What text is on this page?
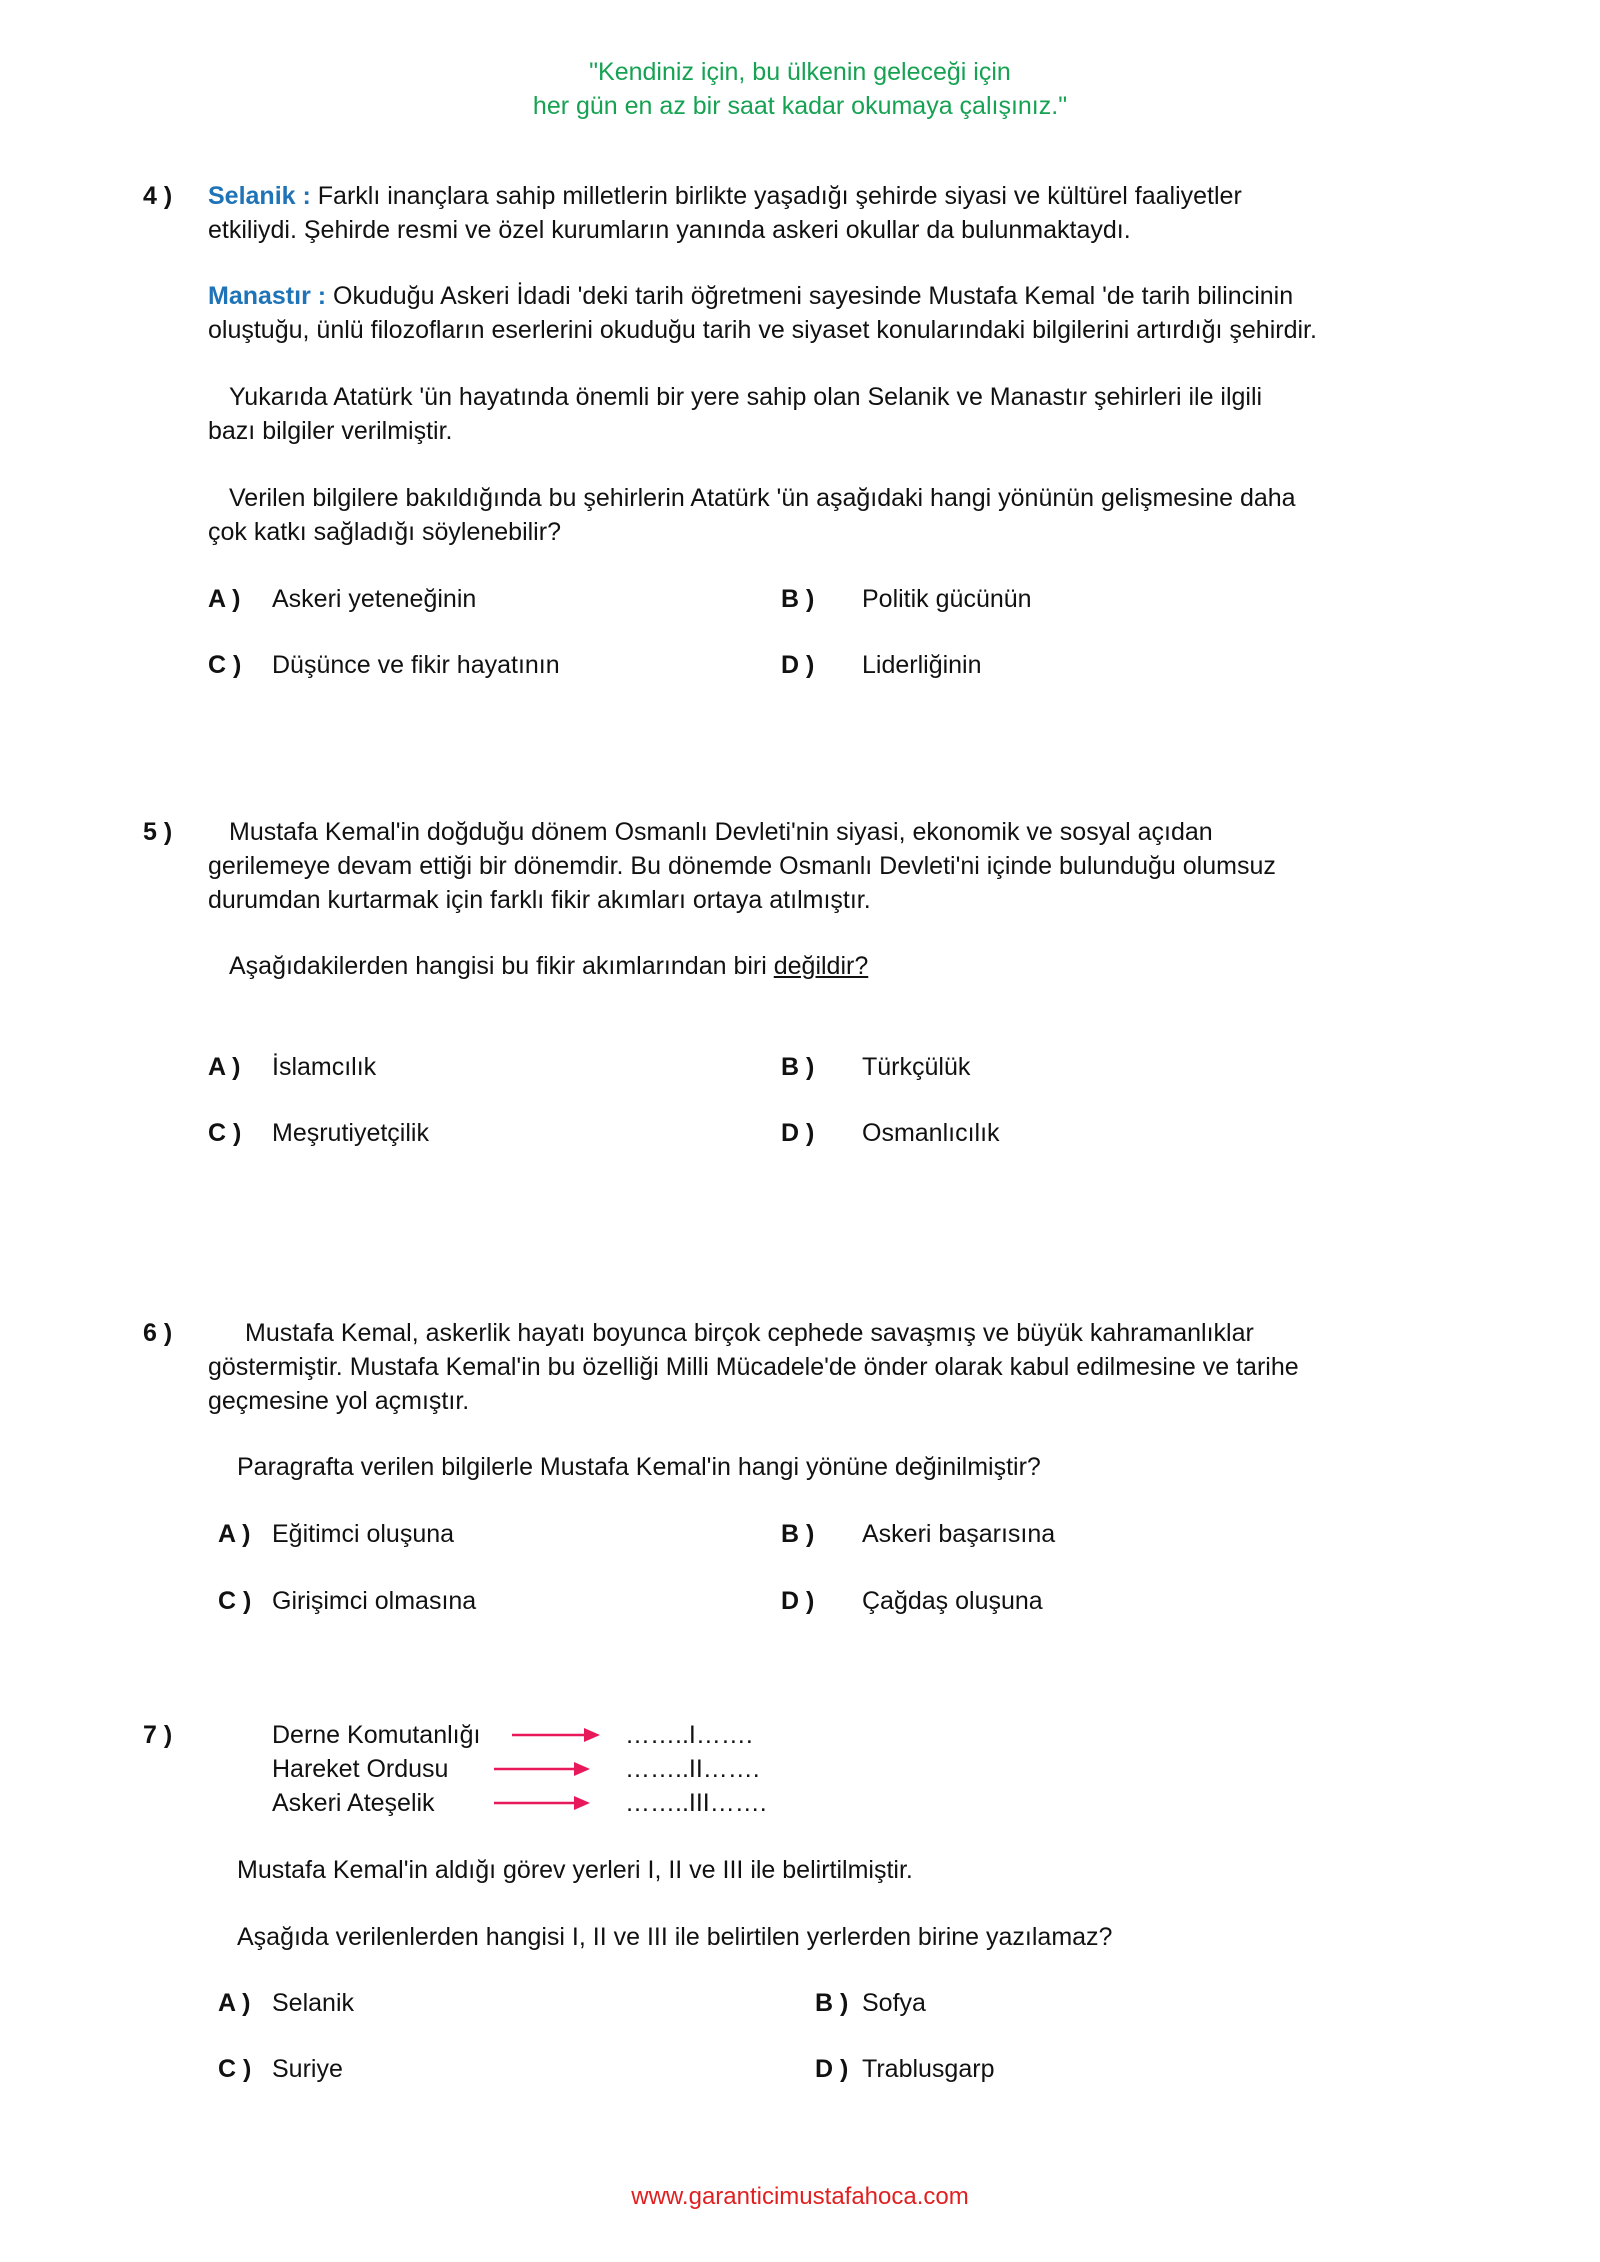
"Kendiniz için, bu ülkenin geleceği için
her gün en az bir saat kadar okumaya çalışınız."
4 ) Selanik : Farklı inançlara sahip milletlerin birlikte yaşadığı şehirde siyasi ve kültürel faaliyetler
etkiliydi. Şehirde resmi ve özel kurumların yanında askeri okullar da bulunmaktaydı.
Manastır : Okuduğu Askeri İdadi 'deki tarih öğretmeni sayesinde Mustafa Kemal 'de tarih bilincinin
oluştuğu, ünlü filozofların eserlerini okuduğu tarih ve siyaset konularındaki bilgilerini artırdığı şehirdir.
Yukarıda Atatürk 'ün hayatında önemli bir yere sahip olan Selanik ve Manastır şehirleri ile ilgili
bazı bilgiler verilmiştir.
Verilen bilgilere bakıldığında bu şehirlerin Atatürk 'ün aşağıdaki hangi yönünün gelişmesine daha
çok katkı sağladığı söylenebilir?
A ) Askeri yeteneğinin	B ) Politik gücünün
C ) Düşünce ve fikir hayatının	D ) Liderliğinin
5 ) Mustafa Kemal'in doğduğu dönem Osmanlı Devleti'nin siyasi, ekonomik ve sosyal açıdan
gerilemeye devam ettiği bir dönemdir. Bu dönemde Osmanlı Devleti'ni içinde bulunduğu olumsuz
durumdan kurtarmak için farklı fikir akımları ortaya atılmıştır.
Aşağıdakilerden hangisi bu fikir akımlarından biri değildir?
A ) İslamcılık	B ) Türkçülük
C ) Meşrutiyetçilik	D ) Osmanlıcılık
6 )	Mustafa Kemal, askerlik hayatı boyunca birçok cephede savaşmış ve büyük kahramanlıklar
göstermiştir. Mustafa Kemal'in bu özelliği Milli Mücadele'de önder olarak kabul edilmesine ve tarihe
geçmesine yol açmıştır.
Paragrafta verilen bilgilerle Mustafa Kemal'in hangi yönüne değinilmiştir?
A ) Eğitimci oluşuna	B ) Askeri başarısına
C ) Girişimci olmasına	D ) Çağdaş oluşuna
7 )	Derne Komutanlığı	……..I…….
Hareket Ordusu	……..II…….
Askeri Ateşelik	……..III…….
Mustafa Kemal'in aldığı görev yerleri I, II ve III ile belirtilmiştir.
Aşağıda verilenlerden hangisi I, II ve III ile belirtilen yerlerden birine yazılamaz?
A ) Selanik	B ) Sofya
C ) Suriye	D ) Trablusgarp
www.garanticimustafahoca.com
